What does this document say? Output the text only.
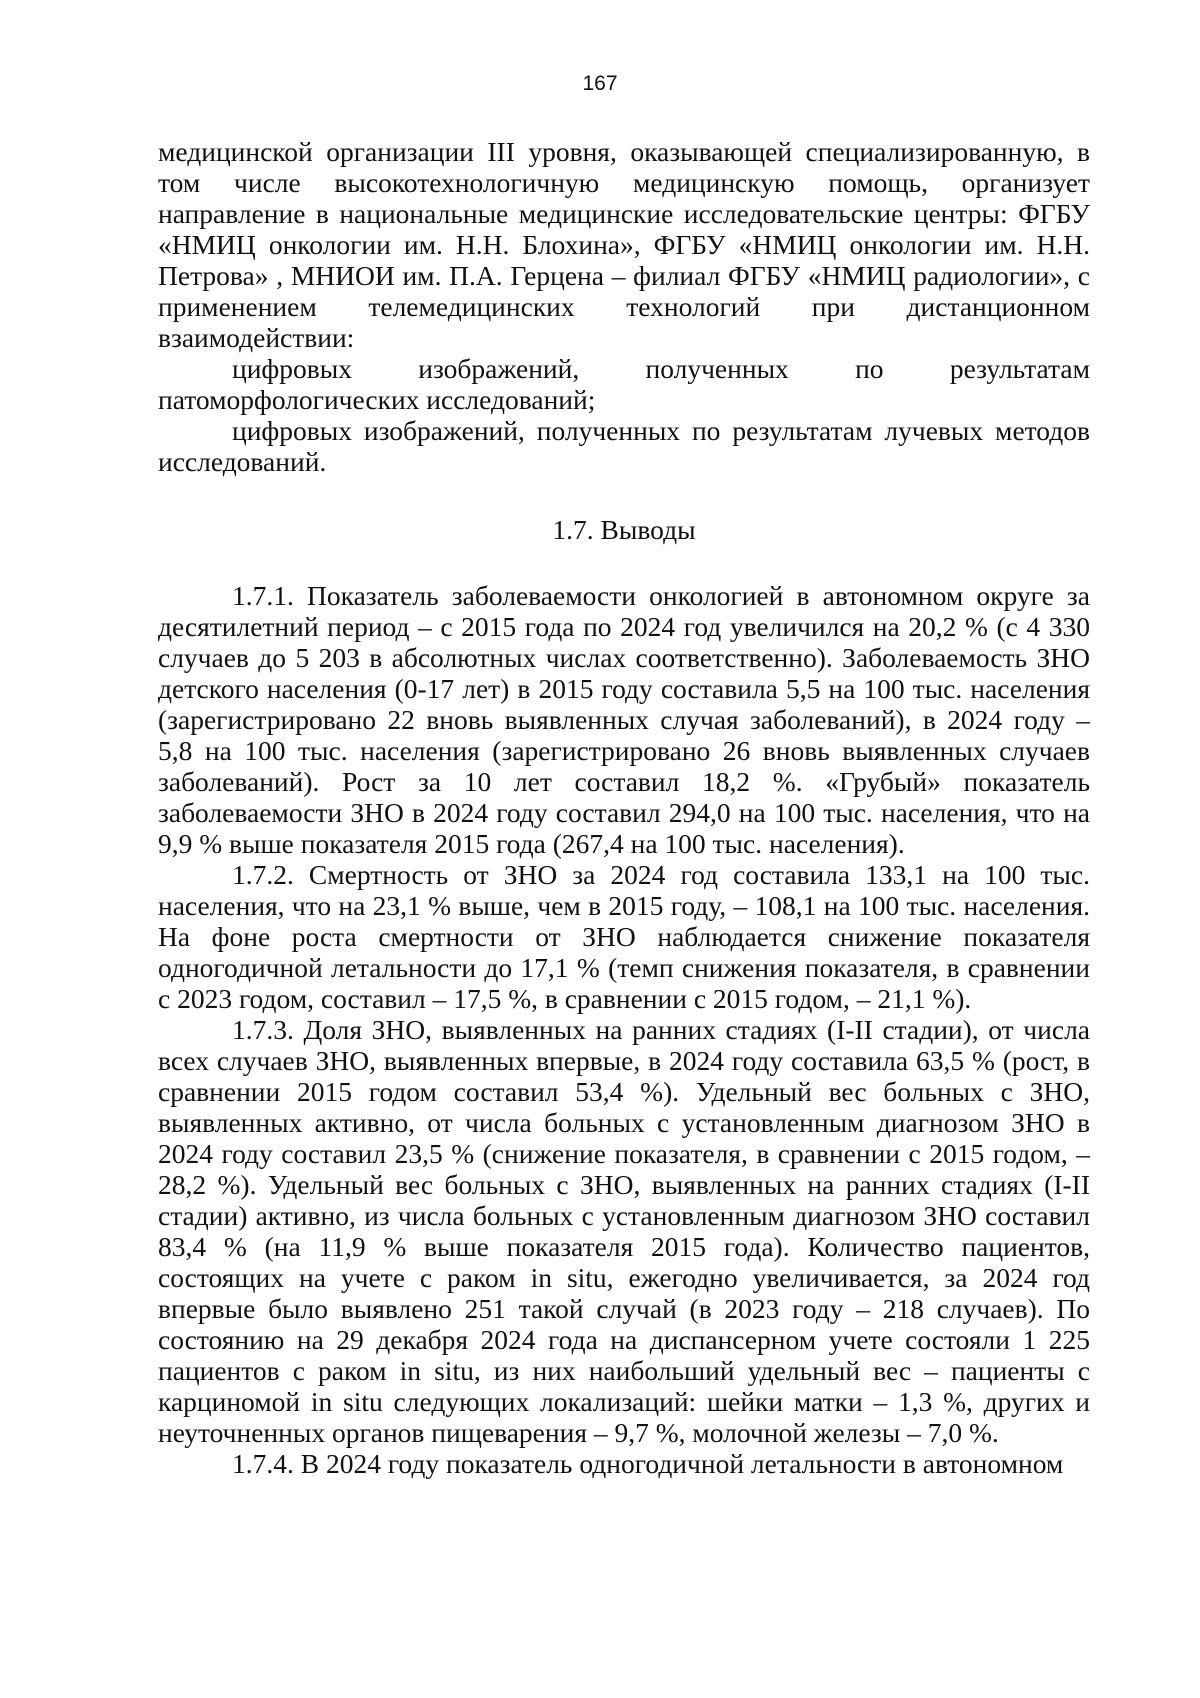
167

медицинской организации III уровня, оказывающей специализированную, в том числе высокотехнологичную медицинскую помощь, организует направление в национальные медицинские исследовательские центры: ФГБУ «НМИЦ онкологии им. Н.Н. Блохина», ФГБУ «НМИЦ онкологии им. Н.Н. Петрова» , МНИОИ им. П.А. Герцена – филиал ФГБУ «НМИЦ радиологии», с применением телемедицинских технологий при дистанционном взаимодействии:

цифровых изображений, полученных по результатам патоморфологических исследований;

цифровых изображений, полученных по результатам лучевых методов исследований.

1.7. Выводы

1.7.1. Показатель заболеваемости онкологией в автономном округе за десятилетний период – с 2015 года по 2024 год увеличился на 20,2 % (с 4 330 случаев до 5 203 в абсолютных числах соответственно). Заболеваемость ЗНО детского населения (0-17 лет) в 2015 году составила 5,5 на 100 тыс. населения (зарегистрировано 22 вновь выявленных случая заболеваний), в 2024 году – 5,8 на 100 тыс. населения (зарегистрировано 26 вновь выявленных случаев заболеваний). Рост за 10 лет составил 18,2 %. «Грубый» показатель заболеваемости ЗНО в 2024 году составил 294,0 на 100 тыс. населения, что на 9,9 % выше показателя 2015 года (267,4 на 100 тыс. населения).

1.7.2. Смертность от ЗНО за 2024 год составила 133,1 на 100 тыс. населения, что на 23,1 % выше, чем в 2015 году, – 108,1 на 100 тыс. населения. На фоне роста смертности от ЗНО наблюдается снижение показателя одногодичной летальности до 17,1 % (темп снижения показателя, в сравнении с 2023 годом, составил – 17,5 %, в сравнении с 2015 годом, – 21,1 %).

1.7.3. Доля ЗНО, выявленных на ранних стадиях (I-II стадии), от числа всех случаев ЗНО, выявленных впервые, в 2024 году составила 63,5 % (рост, в сравнении 2015 годом составил 53,4 %). Удельный вес больных с ЗНО, выявленных активно, от числа больных с установленным диагнозом ЗНО в 2024 году составил 23,5 % (снижение показателя, в сравнении с 2015 годом, – 28,2 %). Удельный вес больных с ЗНО, выявленных на ранних стадиях (I-II стадии) активно, из числа больных с установленным диагнозом ЗНО составил 83,4 % (на 11,9 % выше показателя 2015 года). Количество пациентов, состоящих на учете с раком in situ, ежегодно увеличивается, за 2024 год впервые было выявлено 251 такой случай (в 2023 году – 218 случаев). По состоянию на 29 декабря 2024 года на диспансерном учете состояли 1 225 пациентов с раком in situ, из них наибольший удельный вес – пациенты с карциномой in situ следующих локализаций: шейки матки – 1,3 %, других и неуточненных органов пищеварения – 9,7 %, молочной железы – 7,0 %.

1.7.4. В 2024 году показатель одногодичной летальности в автономном
